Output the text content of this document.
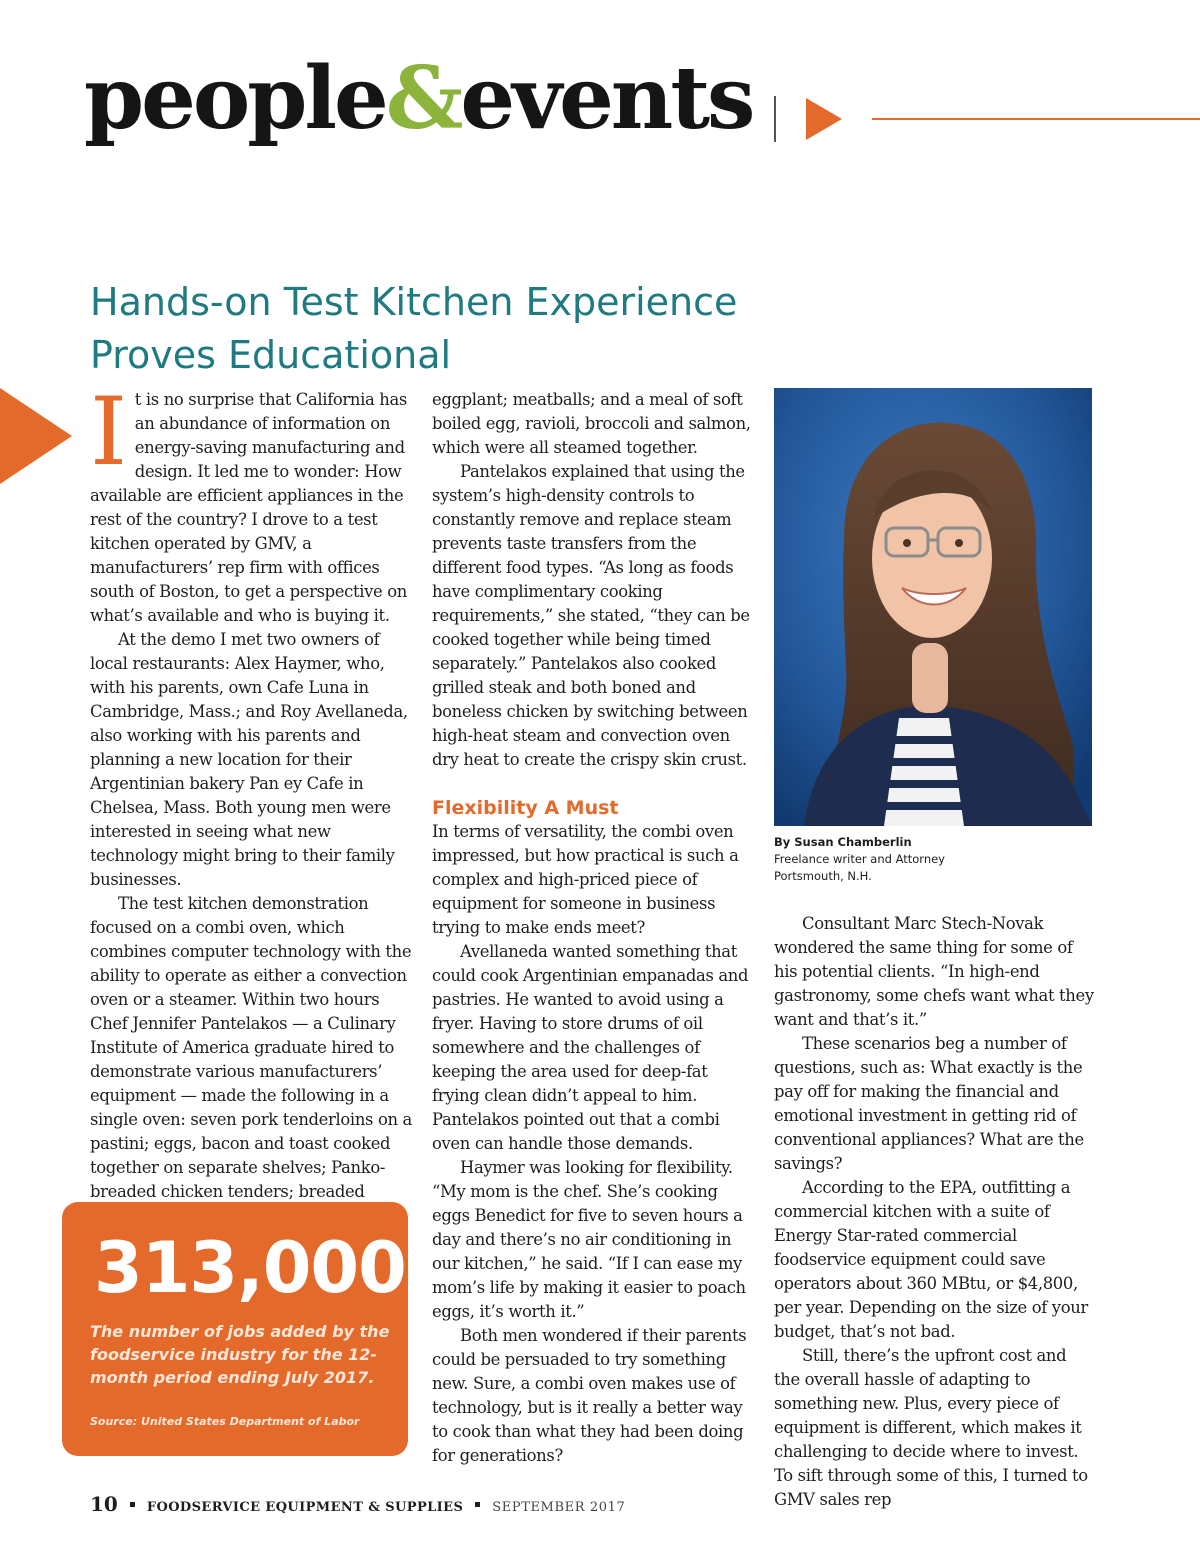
people&events
Hands-on Test Kitchen Experience Proves Educational

It is no surprise that California has an abundance of information on energy-saving manufacturing and design. It led me to wonder: How available are efficient appliances in the rest of the country? I drove to a test kitchen operated by GMV, a manufacturers’ rep firm with offices south of Boston, to get a perspective on what’s available and who is buying it.

At the demo I met two owners of local restaurants: Alex Haymer, who, with his parents, own Cafe Luna in Cambridge, Mass.; and Roy Avellaneda, also working with his parents and planning a new location for their Argentinian bakery Pan ey Cafe in Chelsea, Mass. Both young men were interested in seeing what new technology might bring to their family businesses.

The test kitchen demonstration focused on a combi oven, which combines computer technology with the ability to operate as either a convection oven or a steamer. Within two hours Chef Jennifer Pantelakos — a Culinary Institute of America graduate hired to demonstrate various manufacturers’ equipment — made the following in a single oven: seven pork tenderloins on a pastini; eggs, bacon and toast cooked together on separate shelves; Panko-breaded chicken tenders; breaded

eggplant; meatballs; and a meal of soft boiled egg, ravioli, broccoli and salmon, which were all steamed together.

Pantelakos explained that using the system’s high-density controls to constantly remove and replace steam prevents taste transfers from the different food types. “As long as foods have complimentary cooking requirements,” she stated, “they can be cooked together while being timed separately.” Pantelakos also cooked grilled steak and both boned and boneless chicken by switching between high-heat steam and convection oven dry heat to create the crispy skin crust.

Flexibility A Must

In terms of versatility, the combi oven impressed, but how practical is such a complex and high-priced piece of equipment for someone in business trying to make ends meet?

Avellaneda wanted something that could cook Argentinian empanadas and pastries. He wanted to avoid using a fryer. Having to store drums of oil somewhere and the challenges of keeping the area used for deep-fat frying clean didn’t appeal to him. Pantelakos pointed out that a combi oven can handle those demands.

Haymer was looking for flexibility. “My mom is the chef. She’s cooking eggs Benedict for five to seven hours a day and there’s no air conditioning in our kitchen,” he said. “If I can ease my mom’s life by making it easier to poach eggs, it’s worth it.”

Both men wondered if their parents could be persuaded to try something new. Sure, a combi oven makes use of technology, but is it really a better way to cook than what they had been doing for generations?

By Susan Chamberlin
Freelance writer and Attorney
Portsmouth, N.H.

Consultant Marc Stech-Novak wondered the same thing for some of his potential clients. “In high-end gastronomy, some chefs want what they want and that’s it.”

These scenarios beg a number of questions, such as: What exactly is the pay off for making the financial and emotional investment in getting rid of conventional appliances? What are the savings?

According to the EPA, outfitting a commercial kitchen with a suite of Energy Star-rated commercial foodservice equipment could save operators about 360 MBtu, or $4,800, per year. Depending on the size of your budget, that’s not bad.

Still, there’s the upfront cost and the overall hassle of adapting to something new. Plus, every piece of equipment is different, which makes it challenging to decide where to invest. To sift through some of this, I turned to GMV sales rep

313,000

The number of jobs added by the foodservice industry for the 12-month period ending July 2017.

Source: United States Department of Labor

10 FOODSERVICE EQUIPMENT & SUPPLIES SEPTEMBER 2017
